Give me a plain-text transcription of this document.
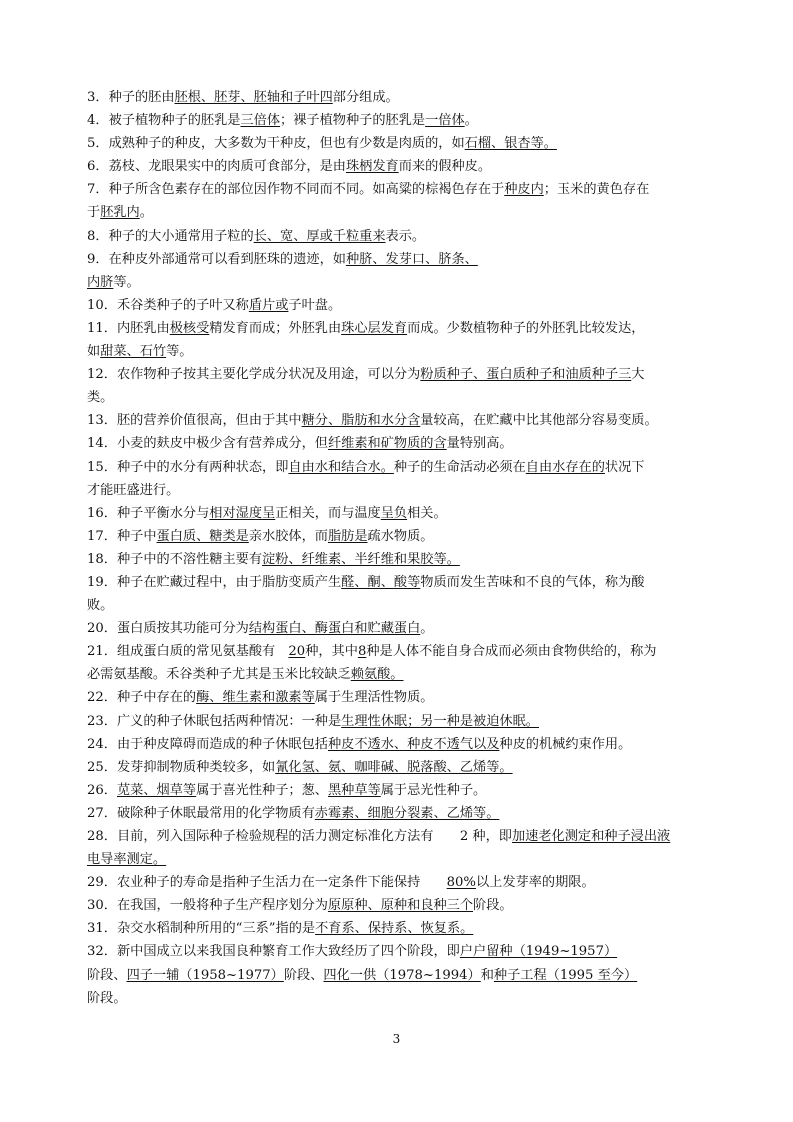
3．种子的胚由胚根、胚芽、胚轴和子叶四部分组成。
4．被子植物种子的胚乳是三倍体；裸子植物种子的胚乳是一倍体。
5．成熟种子的种皮，大多数为干种皮，但也有少数是肉质的，如石榴、银杏等。
6．荔枝、龙眼果实中的肉质可食部分，是由珠柄发育而来的假种皮。
7．种子所含色素存在的部位因作物不同而不同。如高粱的棕褐色存在于种皮内；玉米的黄色存在
于胚乳内。
8．种子的大小通常用子粒的长、宽、厚或千粒重来表示。
9．在种皮外部通常可以看到胚珠的遗迹，如种脐、发芽口、脐条、
内脐等。
10．禾谷类种子的子叶又称盾片或子叶盘。
11．内胚乳由极核受精发育而成；外胚乳由珠心层发育而成。少数植物种子的外胚乳比较发达，
如甜菜、石竹等。
12．农作物种子按其主要化学成分状况及用途，可以分为粉质种子、蛋白质种子和油质种子三大
类。
13．胚的营养价值很高，但由于其中糖分、脂肪和水分含量较高，在贮藏中比其他部分容易变质。
14．小麦的麸皮中极少含有营养成分，但纤维素和矿物质的含量特别高。
15．种子中的水分有两种状态，即自由水和结合水。种子的生命活动必须在自由水存在的状况下
才能旺盛进行。
16．种子平衡水分与相对湿度呈正相关，而与温度呈负相关。
17．种子中蛋白质、糖类是亲水胶体，而脂肪是疏水物质。
18．种子中的不溶性糖主要有淀粉、纤维素、半纤维和果胶等。
19．种子在贮藏过程中，由于脂肪变质产生醛、酮、酸等物质而发生苦味和不良的气体，称为酸
败。
20．蛋白质按其功能可分为结构蛋白、酶蛋白和贮藏蛋白。
21．组成蛋白质的常见氨基酸有　20种，其中8种是人体不能自身合成而必须由食物供给的，称为
必需氨基酸。禾谷类种子尤其是玉米比较缺乏赖氨酸。
22．种子中存在的酶、维生素和激素等属于生理活性物质。
23．广义的种子休眠包括两种情况：一种是生理性休眠；另一种是被迫休眠。
24．由于种皮障碍而造成的种子休眠包括种皮不透水、种皮不透气以及种皮的机械约束作用。
25．发芽抑制物质种类较多，如氰化氢、氨、咖啡碱、脱落酸、乙烯等。
26．苋菜、烟草等属于喜光性种子；葱、黑种草等属于忌光性种子。
27．破除种子休眠最常用的化学物质有赤霉素、细胞分裂素、乙烯等。
28．目前，列入国际种子检验规程的活力测定标准化方法有　　2 种，即加速老化测定和种子浸出液
电导率测定。
29．农业种子的寿命是指种子生活力在一定条件下能保持　　80%以上发芽率的期限。
30．在我国，一般将种子生产程序划分为原原种、原种和良种三个阶段。
31．杂交水稻制种所用的“三系”指的是不育系、保持系、恢复系。
32．新中国成立以来我国良种繁育工作大致经历了四个阶段，即户户留种（1949~1957）
阶段、四子一辅（1958~1977）阶段、四化一供（1978~1994）和种子工程（1995 至今）
阶段。
3
